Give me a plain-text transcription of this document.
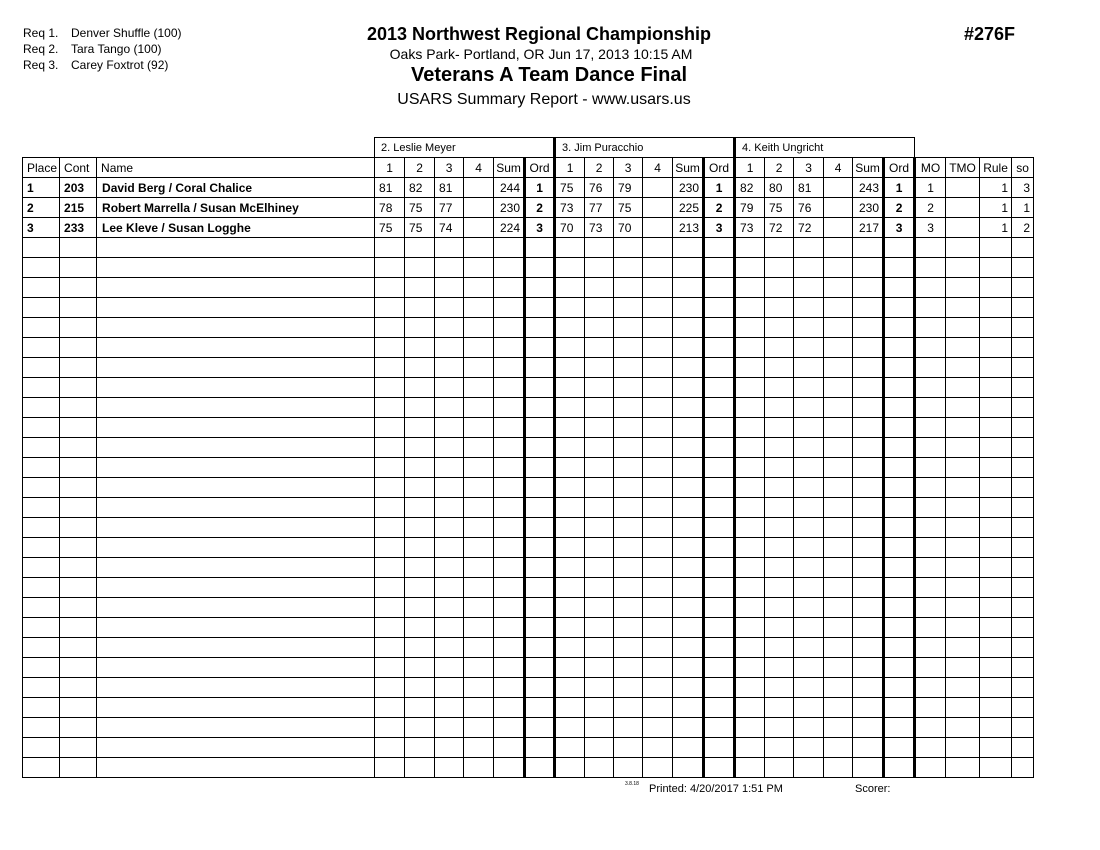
Req 1. Denver Shuffle (100)
Req 2. Tara Tango (100)
Req 3. Carey Foxtrot (92)
2013 Northwest Regional Championship
Oaks Park- Portland, OR Jun 17, 2013 10:15 AM
Veterans A Team Dance Final
USARS Summary Report - www.usars.us
#276F
			2. Leslie Meyer						3. Jim Puracchio						4. Keith Ungricht									
Place	Cont	Name	1	2	3	4	Sum	Ord	1	2	3	4	Sum	Ord	1	2	3	4	Sum	Ord	MO	TMO	Rule	so
1	203	David Berg / Coral Chalice	81	82	81		244	1	75	76	79		230	1	82	80	81		243	1	1		1	3
2	215	Robert Marrella / Susan McElhiney	78	75	77		230	2	73	77	75		225	2	79	75	76		230	2	2		1	1
3	233	Lee Kleve / Susan Logghe	75	75	74		224	3	70	73	70		213	3	73	72	72		217	3	3		1	2

3.8.18 Printed: 4/20/2017 1:51 PM	Scorer:
